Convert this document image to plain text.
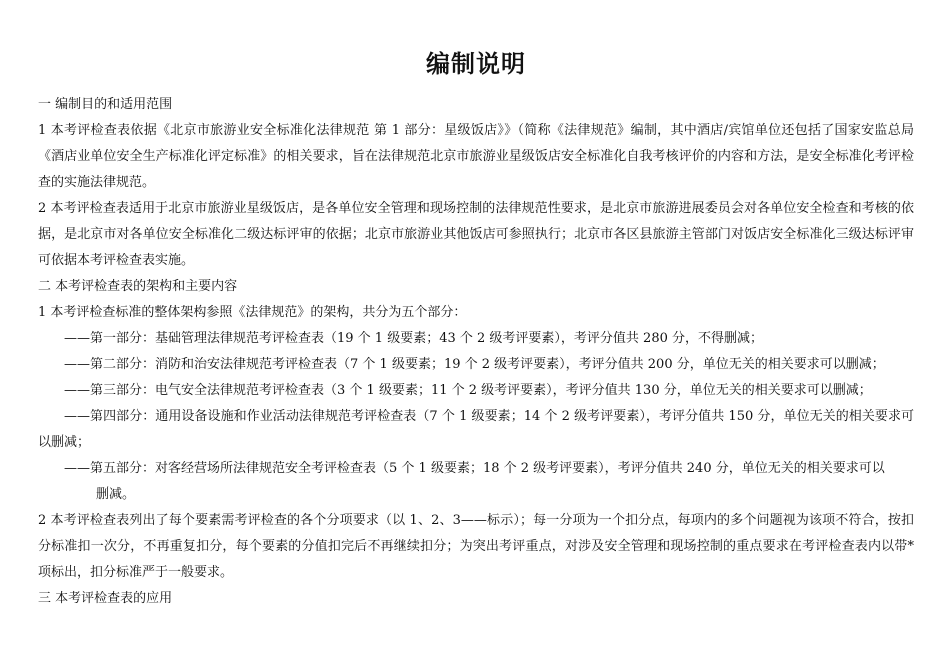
编制说明
一 编制目的和适用范围

1 本考评检查表依据《北京市旅游业安全标准化法律规范 第 1 部分：星级饭店》》（简称《法律规范》编制，其中酒店/宾馆单位还包括了国家安监总局《酒店业单位安全生产标准化评定标准》的相关要求，旨在法律规范北京市旅游业星级饭店安全标准化自我考核评价的内容和方法，是安全标准化考评检查的实施法律规范。

2 本考评检查表适用于北京市旅游业星级饭店，是各单位安全管理和现场控制的法律规范性要求，是北京市旅游进展委员会对各单位安全检查和考核的依据，是北京市对各单位安全标准化二级达标评审的依据；北京市旅游业其他饭店可参照执行；北京市各区县旅游主管部门对饭店安全标准化三级达标评审可依据本考评检查表实施。

二 本考评检查表的架构和主要内容
1 本考评检查标准的整体架构参照《法律规范》的架构，共分为五个部分：
——第一部分：基础管理法律规范考评检查表（19 个 1 级要素；43 个 2 级考评要素），考评分值共 280 分，不得删减；
——第二部分：消防和治安法律规范考评检查表（7 个 1 级要素；19 个 2 级考评要素），考评分值共 200 分，单位无关的相关要求可以删减；
——第三部分：电气安全法律规范考评检查表（3 个 1 级要素；11 个 2 级考评要素），考评分值共 130 分，单位无关的相关要求可以删减；

——第四部分：通用设备设施和作业活动法律规范考评检查表（7 个 1 级要素；14 个 2 级考评要素），考评分值共 150 分，单位无关的相关要求可以删减；

——第五部分：对客经营场所法律规范安全考评检查表（5 个 1 级要素；18 个 2 级考评要素），考评分值共 240 分，单位无关的相关要求可以
删减。

2 本考评检查表列出了每个要素需考评检查的各个分项要求（以 1、2、3——标示）；每一分项为一个扣分点，每项内的多个问题视为该项不符合，按扣分标准扣一次分，不再重复扣分，每个要素的分值扣完后不再继续扣分；为突出考评重点，对涉及安全管理和现场控制的重点要求在考评检查表内以带*项标出，扣分标准严于一般要求。

三 本考评检查表的应用
